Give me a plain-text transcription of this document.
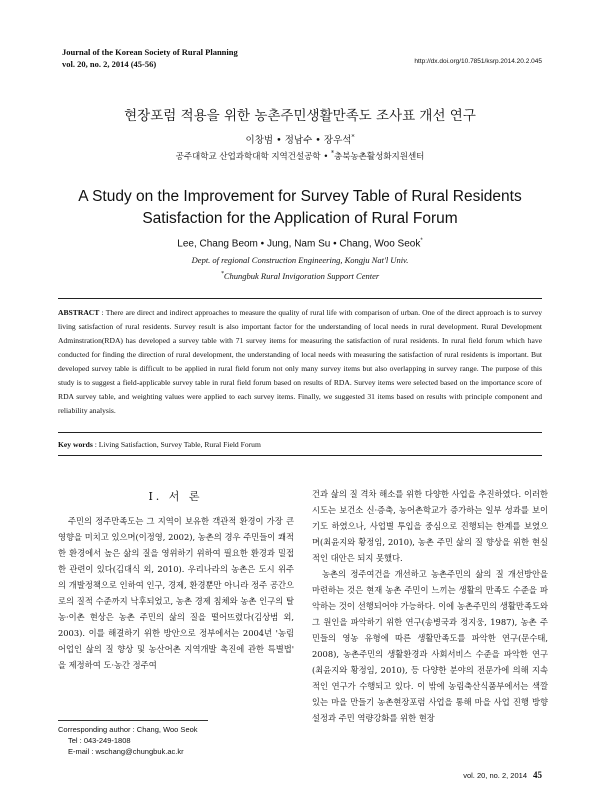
Journal of the Korean Society of Rural Planning
vol. 20, no. 2, 2014 (45-56)	http://dx.doi.org/10.7851/ksrp.2014.20.2.045
현장포럼 적용을 위한 농촌주민생활만족도 조사표 개선 연구
이창범 • 정남수 • 장우석*
공주대학교 산업과학대학 지역건설공학 • *충북농촌활성화지원센터
A Study on the Improvement for Survey Table of Rural Residents
Satisfaction for the Application of Rural Forum
Lee, Chang Beom • Jung, Nam Su • Chang, Woo Seok*
Dept. of regional Construction Engineering, Kongju Nat'l Univ.
*Chungbuk Rural Invigoration Support Center
ABSTRACT : There are direct and indirect approaches to measure the quality of rural life with comparison of urban. One of the direct approach is to survey living satisfaction of rural residents. Survey result is also important factor for the understanding of local needs in rural development. Rural Development Adminstration(RDA) has developed a survey table with 71 survey items for measuring the satisfaction of rural residents. In rural field forum which have conducted for finding the direction of rural development, the understanding of local needs with measuring the satisfaction of rural residents is important. But developed survey table is difficult to be applied in rural field forum not only many survey items but also overlapping in survey range. The purpose of this study is to suggest a field-applicable survey table in rural field forum based on results of RDA. Survey items were selected based on the importance score of RDA survey table, and weighting values were applied to each survey items. Finally, we suggested 31 items based on results with principle component and reliability analysis.
Key words : Living Satisfaction, Survey Table, Rural Field Forum
Ⅰ. 서 론

주민의 정주만족도는 그 지역이 보유한 객관적 환경이 가장 큰 영향을 미치고 있으며(이정영, 2002), 농촌의 경우 주민들이 쾌적한 환경에서 높은 삶의 질을 영위하기 위하여 필요한 환경과 밀접한 관련이 있다(김대식 외, 2010). 우리나라의 농촌은 도시 위주의 개발정책으로 인하여 인구, 경제, 환경뿐만 아니라 정주 공간으로의 질적 수준까지 낙후되었고, 농촌 경제 침체와 농촌 인구의 탈농·이촌 현상은 농촌 주민의 삶의 질을 떨어뜨렸다(김상범 외, 2003). 이를 해결하기 위한 방안으로 정부에서는 2004년 '농림어업인 삶의 질 향상 및 농산어촌 지역개발 촉진에 관한 특별법' 을 제정하여 도·농간 정주여

건과 삶의 질 격차 해소를 위한 다양한 사업을 추진하였다. 이러한 시도는 보건소 신·증축, 농어촌학교가 증가하는 일부 성과를 보이기도 하였으나, 사업별 투입을 중심으로 진행되는 한계를 보였으며(최윤지와 황정임, 2010), 농촌 주민 삶의 질 향상을 위한 현실적인 대안은 되지 못했다.

농촌의 정주여건을 개선하고 농촌주민의 삶의 질 개선방안을 마련하는 것은 현재 농촌 주민이 느끼는 생활의 만족도 수준을 파악하는 것이 선행되어야 가능하다. 이에 농촌주민의 생활만족도와 그 원인을 파악하기 위한 연구(송병국과 정지웅, 1987), 농촌 주민들의 영농 유형에 따른 생활만족도를 파악한 연구(문수태, 2008), 농촌주민의 생활환경과 사회서비스 수준을 파악한 연구(최윤지와 황정임, 2010), 등 다양한 분야의 전문가에 의해 지속적인 연구가 수행되고 있다. 이 밖에 농림축산식품부에서는 색깔있는 마을 만들기 농촌현장포럼 사업을 통해 마을 사업 진행 방향 설정과 주민 역량강화를 위한 현장

Corresponding author : Chang, Woo Seok
Tel : 043-249-1808
E-mail : wschang@chungbuk.ac.kr
vol. 20, no. 2, 2014 45
